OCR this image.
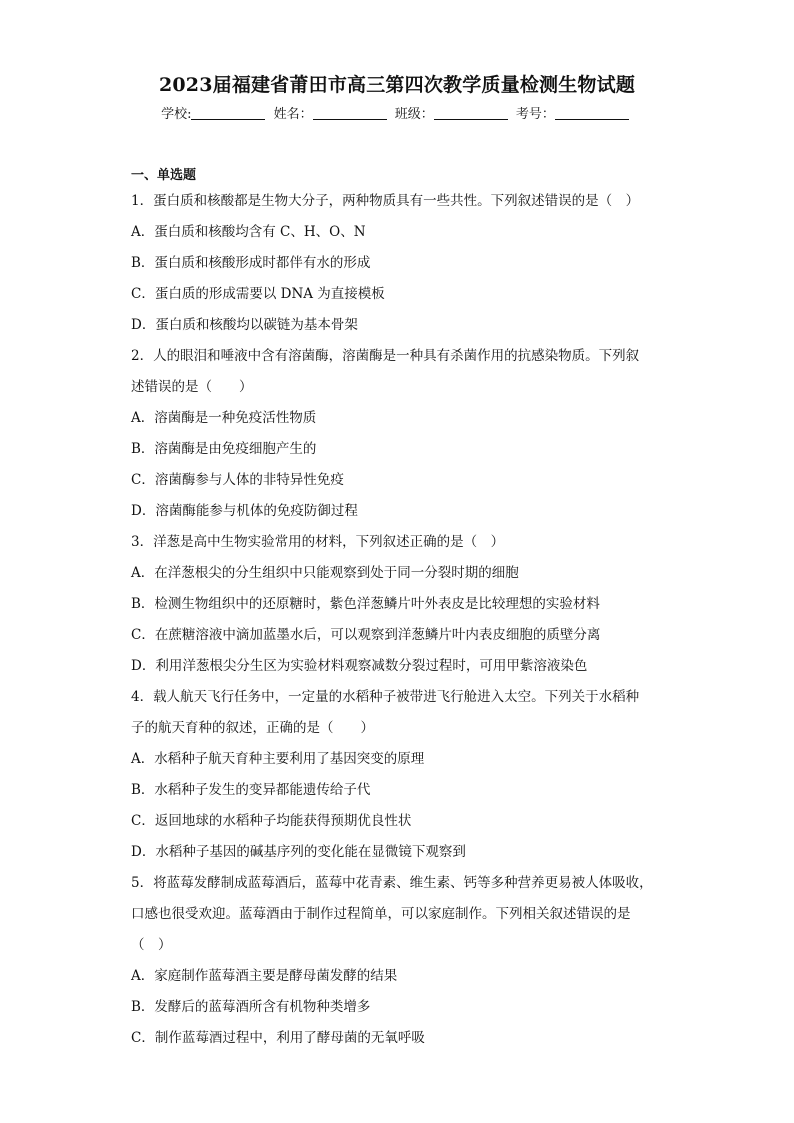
2023届福建省莆田市高三第四次教学质量检测生物试题
学校:	姓名：	班级：	考号：
一、单选题
1．蛋白质和核酸都是生物大分子，两种物质具有一些共性。下列叙述错误的是（　）
A．蛋白质和核酸均含有 C、H、O、N
B．蛋白质和核酸形成时都伴有水的形成
C．蛋白质的形成需要以 DNA 为直接模板
D．蛋白质和核酸均以碳链为基本骨架
2．人的眼泪和唾液中含有溶菌酶，溶菌酶是一种具有杀菌作用的抗感染物质。下列叙
述错误的是（　　）
A．溶菌酶是一种免疫活性物质
B．溶菌酶是由免疫细胞产生的
C．溶菌酶参与人体的非特异性免疫
D．溶菌酶能参与机体的免疫防御过程
3．洋葱是高中生物实验常用的材料，下列叙述正确的是（　）
A．在洋葱根尖的分生组织中只能观察到处于同一分裂时期的细胞
B．检测生物组织中的还原糖时，紫色洋葱鳞片叶外表皮是比较理想的实验材料
C．在蔗糖溶液中滴加蓝墨水后，可以观察到洋葱鳞片叶内表皮细胞的质壁分离
D．利用洋葱根尖分生区为实验材料观察减数分裂过程时，可用甲紫溶液染色
4．载人航天飞行任务中，一定量的水稻种子被带进飞行舱进入太空。下列关于水稻种
子的航天育种的叙述，正确的是（　　）
A．水稻种子航天育种主要利用了基因突变的原理
B．水稻种子发生的变异都能遗传给子代
C．返回地球的水稻种子均能获得预期优良性状
D．水稻种子基因的碱基序列的变化能在显微镜下观察到
5．将蓝莓发酵制成蓝莓酒后，蓝莓中花青素、维生素、钙等多种营养更易被人体吸收，
口感也很受欢迎。蓝莓酒由于制作过程简单，可以家庭制作。下列相关叙述错误的是
（　）
A．家庭制作蓝莓酒主要是酵母菌发酵的结果
B．发酵后的蓝莓酒所含有机物种类增多
C．制作蓝莓酒过程中，利用了酵母菌的无氧呼吸
